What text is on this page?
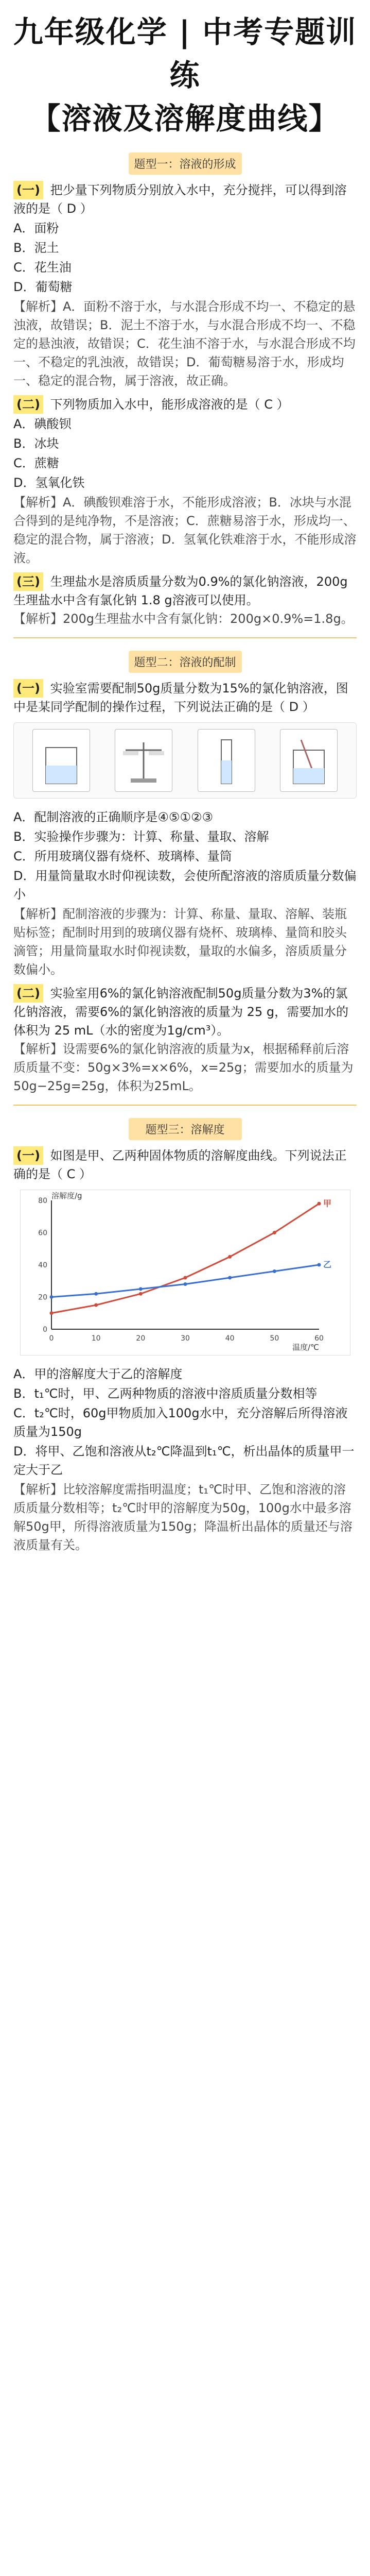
九年级化学 | 中考专题训练

【溶液及溶解度曲线】

题型一：溶液的形成
(一) 把少量下列物质分别放入水中，充分搅拌，可以得到溶液的是（ D ）
A．面粉
B．泥土
C．花生油
D．葡萄糖
【解析】A．面粉不溶于水，与水混合形成不均一、不稳定的悬浊液，故错误；B．泥土不溶于水，与水混合形成不均一、不稳定的悬浊液，故错误；C．花生油不溶于水，与水混合形成不均一、不稳定的乳浊液，故错误；D．葡萄糖易溶于水，形成均一、稳定的混合物，属于溶液，故正确。
(二) 下列物质加入水中，能形成溶液的是（ C ）
A．碘酸钡
B．冰块
C．蔗糖
D．氢氧化铁
【解析】A．碘酸钡难溶于水，不能形成溶液；B．冰块与水混合得到的是纯净物，不是溶液；C．蔗糖易溶于水，形成均一、稳定的混合物，属于溶液；D．氢氧化铁难溶于水，不能形成溶液。
(三) 生理盐水是溶质质量分数为0.9%的氯化钠溶液，200g生理盐水中含有氯化钠 1.8 g溶液可以使用。
【解析】200g生理盐水中含有氯化钠：200g×0.9%=1.8g。
题型二：溶液的配制
(一) 实验室需要配制50g质量分数为15%的氯化钠溶液，图中是某同学配制的操作过程，下列说法正确的是（ D ）
A．配制溶液的正确顺序是④⑤①②③
B．实验操作步骤为：计算、称量、量取、溶解
C．所用玻璃仪器有烧杯、玻璃棒、量筒
D．用量筒量取水时仰视读数，会使所配溶液的溶质质量分数偏小
【解析】配制溶液的步骤为：计算、称量、量取、溶解、装瓶贴标签；配制时用到的玻璃仪器有烧杯、玻璃棒、量筒和胶头滴管；用量筒量取水时仰视读数，量取的水偏多，溶质质量分数偏小。
(二) 实验室用6%的氯化钠溶液配制50g质量分数为3%的氯化钠溶液，需要6%的氯化钠溶液的质量为 25 g，需要加水的体积为 25 mL（水的密度为1g/cm³）。
【解析】设需要6%的氯化钠溶液的质量为x，根据稀释前后溶质质量不变：50g×3%=x×6%，x=25g；需要加水的质量为50g−25g=25g，体积为25mL。
题型三：溶解度
(一) 如图是甲、乙两种固体物质的溶解度曲线。下列说法正确的是（ C ）
0	10	20	30	40	50	60
0
20
40
60
80
温度/℃
溶解度/g
甲
乙
A．甲的溶解度大于乙的溶解度
B．t₁℃时，甲、乙两种物质的溶液中溶质质量分数相等
C．t₂℃时，60g甲物质加入100g水中，充分溶解后所得溶液质量为150g
D．将甲、乙饱和溶液从t₂℃降温到t₁℃，析出晶体的质量甲一定大于乙
【解析】比较溶解度需指明温度；t₁℃时甲、乙饱和溶液的溶质质量分数相等；t₂℃时甲的溶解度为50g，100g水中最多溶解50g甲，所得溶液质量为150g；降温析出晶体的质量还与溶液质量有关。
